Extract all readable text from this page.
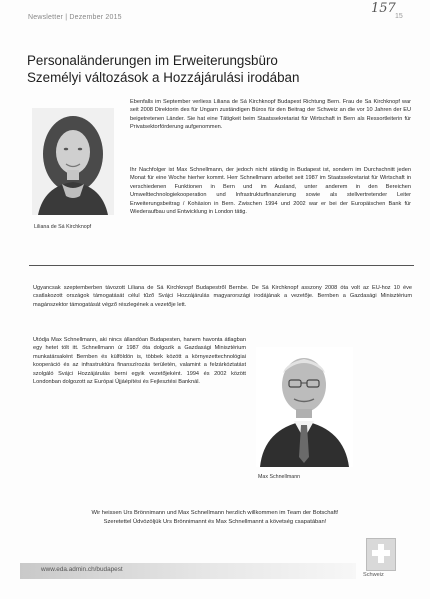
Newsletter | Dezember 2015	15
157
Personaländerungen im Erweiterungsbüro
Személyi változások a Hozzájárulási irodában
Liliana de Sá Kirchknopf
Ebenfalls im September verliess Liliana de Sá Kirchknopf Budapest Richtung Bern. Frau de Sa Kirchknopf war seit 2008 Direktorin des für Ungarn zuständigen Büros für den Beitrag der Schweiz an die vor 10 Jahren der EU beigetretenen Länder. Sie hat eine Tätigkeit beim Staatssekretariat für Wirtschaft in Bern als Ressortleiterin für Privatsektorförderung aufgenommen.
Ihr Nachfolger ist Max Schnellmann, der jedoch nicht ständig in Budapest ist, sondern im Durchschnitt jeden Monat für eine Woche hierher kommt. Herr Schnellmann arbeitet seit 1987 im Staatssekretariat für Wirtschaft in verschiedenen Funktionen in Bern und im Ausland, unter anderem in den Bereichen Umwelttechnologiekooperation und Infrastrukturfinanzierung sowie als stellvertretender Leiter Erweiterungsbeitrag / Kohäsion in Bern. Zwischen 1994 und 2002 war er bei der Europäischen Bank für Wiederaufbau und Entwicklung in London tätig.
Ugyancsak szeptemberben távozott Liliana de Sá Kirchknopf Budapestről Bernbe. De Sá Kirchknopf asszony 2008 óta volt az EU-hoz 10 éve csatlakozott országok támogatását célul tűző Svájci Hozzájárulás magyarországi irodájának a vezetője. Bernben a Gazdasági Minisztérium magánszektor támogatását végző részlegének a vezetője lett.
Utódja Max Schnellmann, aki nincs állandóan Budapesten, hanem havonta átlagban egy hetet tölt itt. Schnellmann úr 1987 óta dolgozik a Gazdasági Minisztérium munkatársaként Bernben és külföldön is, többek között a környezettechnológiai kooperáció és az infrastruktúra finanszírozás területén, valamint a felzárkóztatást szolgáló Svájci Hozzájárulás berni egyik vezetőjeként. 1994 és 2002 között Londonban dolgozott az Európai Újjáépítési és Fejlesztési Banknál.
Max Schnellmann
Wir heissen Urs Brönnimann und Max Schnellmann herzlich willkommen im Team der Botschaft!
Szeretettel Üdvözöljük Urs Brönnimannt és Max Schnellmannt a követség csapatában!
www.eda.admin.ch/budapest
Schweiz
